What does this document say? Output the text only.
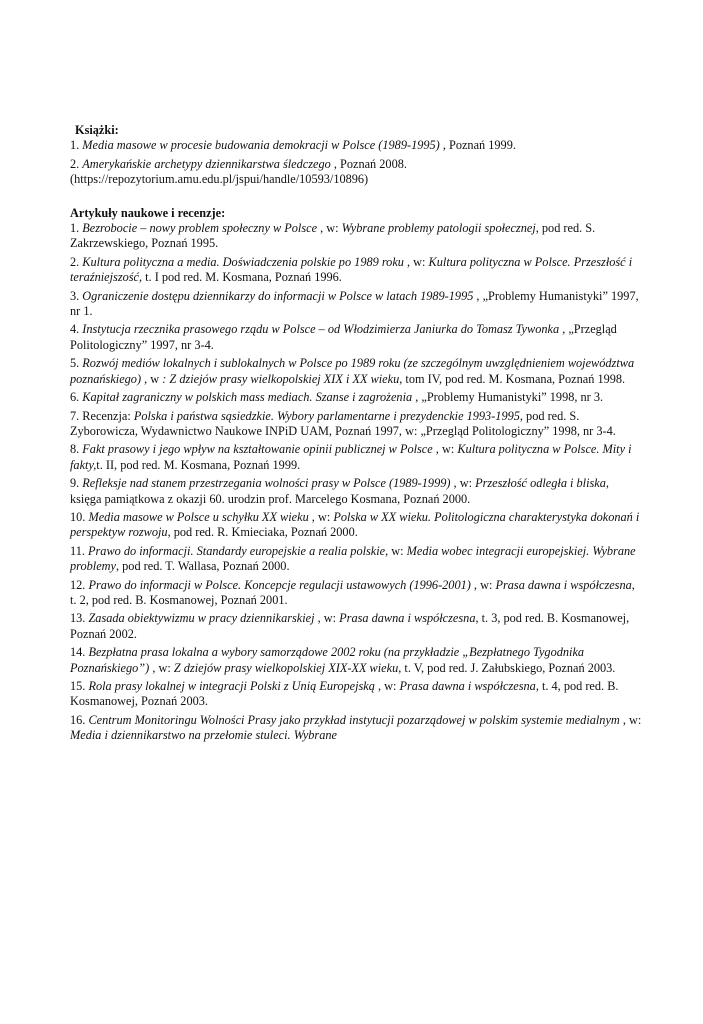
Książki:

1. Media masowe w procesie budowania demokracji w Polsce (1989-1995) , Poznań 1999.

2. Amerykańskie archetypy dziennikarstwa śledczego , Poznań 2008. (https://repozytorium.amu.edu.pl/jspui/handle/10593/10896)

Artykuły naukowe i recenzje:

1. Bezrobocie – nowy problem społeczny w Polsce , w: Wybrane problemy patologii społecznej, pod red. S. Zakrzewskiego, Poznań 1995.

2. Kultura polityczna a media. Doświadczenia polskie po 1989 roku , w: Kultura polityczna w Polsce. Przeszłość i teraźniejszość, t. I pod red. M. Kosmana, Poznań 1996.

3. Ograniczenie dostępu dziennikarzy do informacji w Polsce w latach 1989-1995 , „Problemy Humanistyki” 1997, nr 1.

4. Instytucja rzecznika prasowego rządu w Polsce – od Włodzimierza Janiurka do Tomasz Tywonka , „Przegląd Politologiczny” 1997, nr 3-4.

5. Rozwój mediów lokalnych i sublokalnych w Polsce po 1989 roku (ze szczególnym uwzględnieniem województwa poznańskiego) , w : Z dziejów prasy wielkopolskiej XIX i XX wieku, tom IV, pod red. M. Kosmana, Poznań 1998.

6. Kapitał zagraniczny w polskich mass mediach. Szanse i zagrożenia , „Problemy Humanistyki” 1998, nr 3.

7. Recenzja: Polska i państwa sąsiedzkie. Wybory parlamentarne i prezydenckie 1993-1995, pod red. S. Zyborowicza, Wydawnictwo Naukowe INPiD UAM, Poznań 1997, w: „Przegląd Politologiczny” 1998, nr 3-4.

8. Fakt prasowy i jego wpływ na kształtowanie opinii publicznej w Polsce , w: Kultura polityczna w Polsce. Mity i fakty,t. II, pod red. M. Kosmana, Poznań 1999.

9. Refleksje nad stanem przestrzegania wolności prasy w Polsce (1989-1999) , w: Przeszłość odległa i bliska, księga pamiątkowa z okazji 60. urodzin prof. Marcelego Kosmana, Poznań 2000.

10. Media masowe w Polsce u schyłku XX wieku , w: Polska w XX wieku. Politologiczna charakterystyka dokonań i perspektyw rozwoju, pod red. R. Kmieciaka, Poznań 2000.

11. Prawo do informacji. Standardy europejskie a realia polskie, w: Media wobec integracji europejskiej. Wybrane problemy, pod red. T. Wallasa, Poznań 2000.

12. Prawo do informacji w Polsce. Koncepcje regulacji ustawowych (1996-2001) , w: Prasa dawna i współczesna, t. 2, pod red. B. Kosmanowej, Poznań 2001.

13. Zasada obiektywizmu w pracy dziennikarskiej , w: Prasa dawna i współczesna, t. 3, pod red. B. Kosmanowej, Poznań 2002.

14. Bezpłatna prasa lokalna a wybory samorządowe 2002 roku (na przykładzie „Bezpłatnego Tygodnika Poznańskiego”) , w: Z dziejów prasy wielkopolskiej XIX-XX wieku, t. V, pod red. J. Załubskiego, Poznań 2003.

15. Rola prasy lokalnej w integracji Polski z Unią Europejską , w: Prasa dawna i współczesna, t. 4, pod red. B. Kosmanowej, Poznań 2003.

16. Centrum Monitoringu Wolności Prasy jako przykład instytucji pozarządowej w polskim systemie medialnym , w: Media i dziennikarstwo na przełomie stuleci. Wybrane
